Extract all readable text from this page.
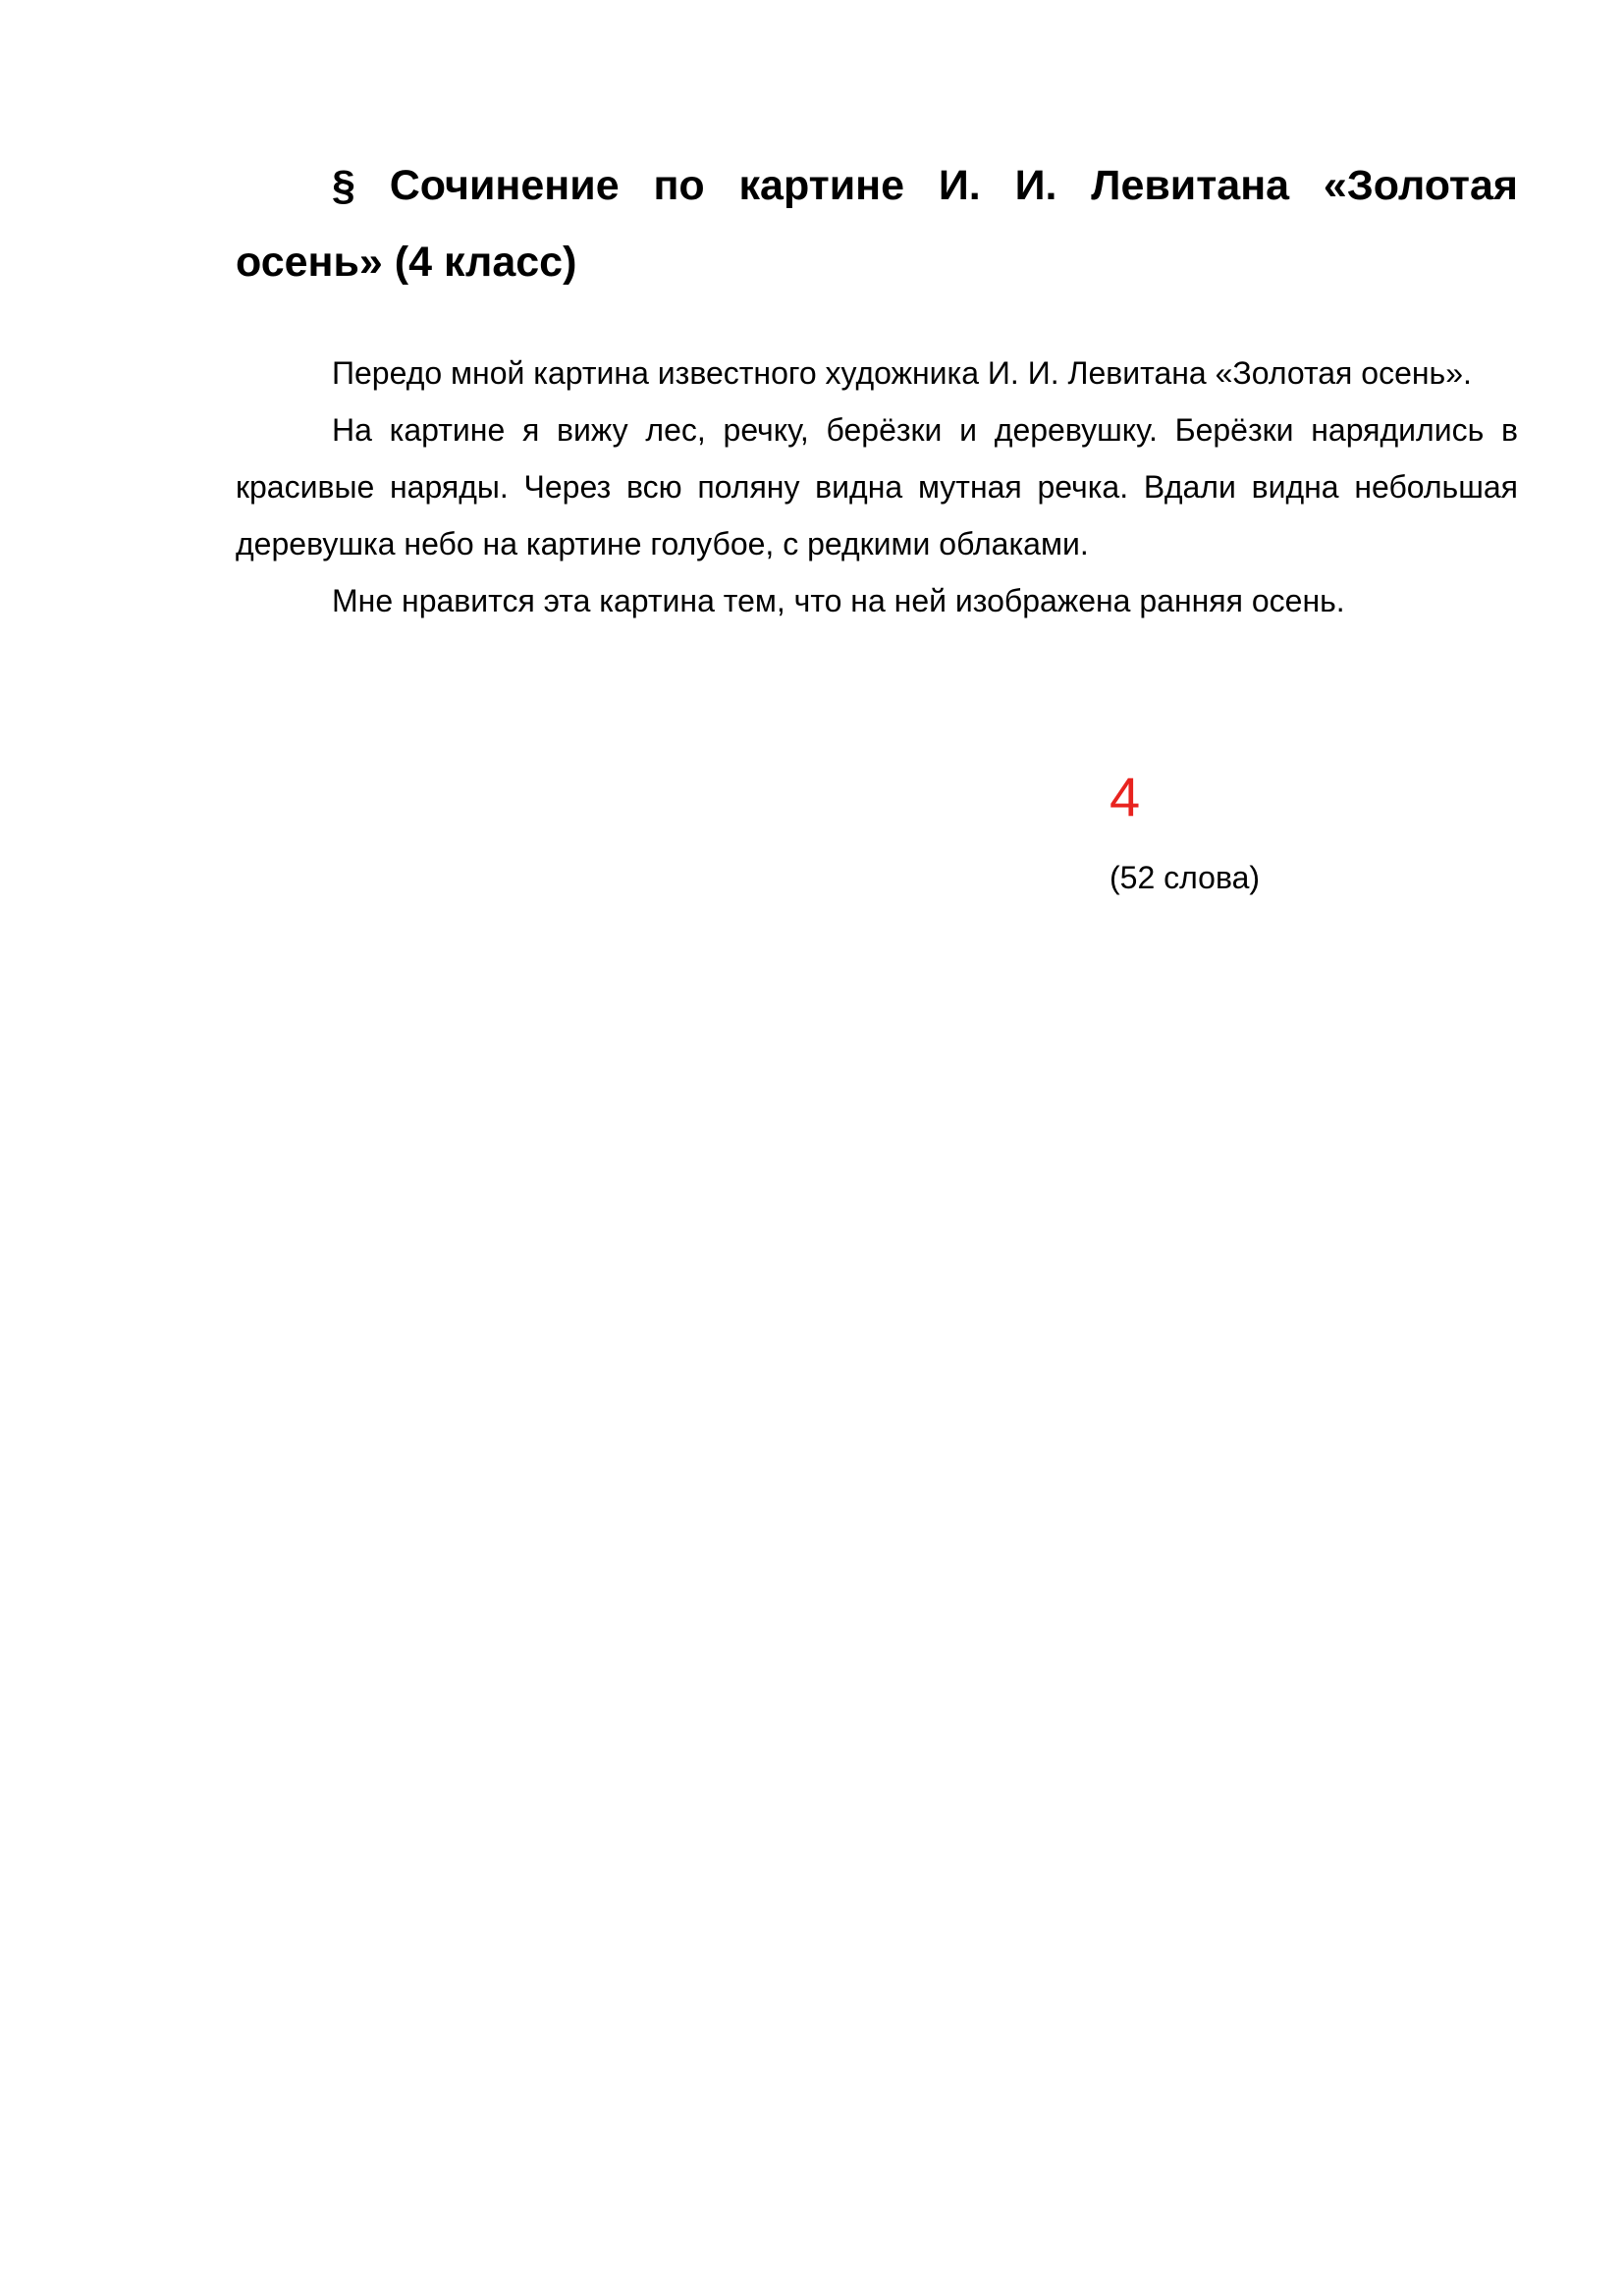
§ Сочинение по картине И. И. Левитана «Золотая осень» (4 класс)

Передо мной картина известного художника И. И. Левитана «Золотая осень».

На картине я вижу лес, речку, берёзки и деревушку. Берёзки нарядились в красивые наряды. Через всю поляну видна мутная речка. Вдали видна небольшая деревушка небо на картине голубое, с редкими облаками.

Мне нравится эта картина тем, что на ней изображена ранняя осень.

4
(52 слова)
